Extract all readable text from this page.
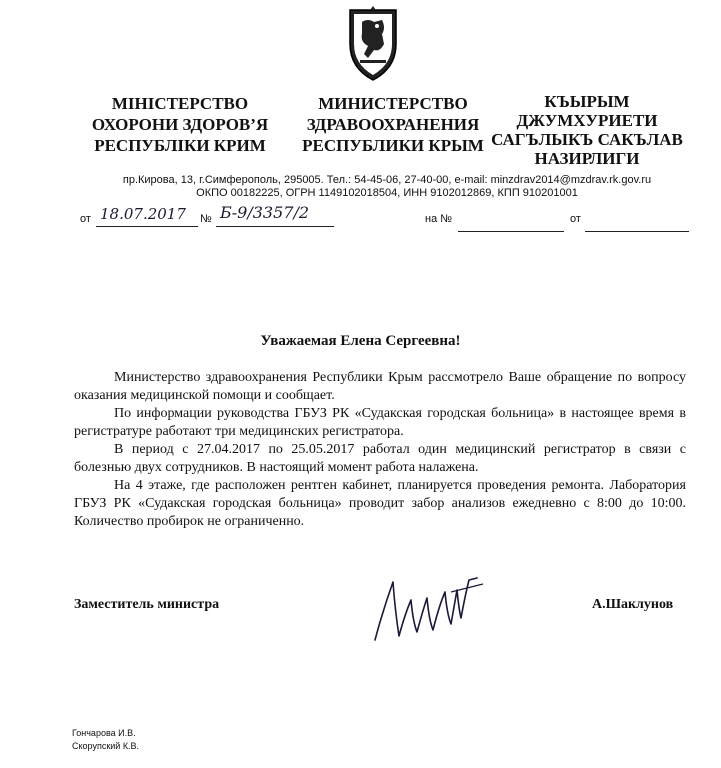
МІНІСТЕРСТВО
ОХОРОНИ ЗДОРОВ’Я
РЕСПУБЛІКИ КРИМ
МИНИСТЕРСТВО
ЗДРАВООХРАНЕНИЯ
РЕСПУБЛИКИ КРЫМ
КЪЫРЫМ
ДЖУМХУРИЕТИ
САГЪЛЫКЪ САКЪЛАВ
НАЗИРЛИГИ
пр.Кирова, 13, г.Симферополь, 295005. Тел.: 54-45-06, 27-40-00, e-mail: minzdrav2014@mzdrav.rk.gov.ru
ОКПО 00182225, ОГРН 1149102018504, ИНН 9102012869, КПП 910201001
от 18.07.2017 № Б-9/3357/2	на №	от
Уважаемая Елена Сергеевна!

Министерство здравоохранения Республики Крым рассмотрело Ваше обращение по вопросу оказания медицинской помощи и сообщает.

По информации руководства ГБУЗ РК «Судакская городская больница» в настоящее время в регистратуре работают три медицинских регистратора.

В период с 27.04.2017 по 25.05.2017 работал один медицинский регистратор в связи с болезнью двух сотрудников. В настоящий момент работа налажена.

На 4 этаже, где расположен рентген кабинет, планируется проведения ремонта. Лаборатория ГБУЗ РК «Судакская городская больница» проводит забор анализов ежедневно с 8:00 до 10:00. Количество пробирок не ограниченно.

Заместитель министра	А.Шаклунов
Гончарова И.В.
Скорупский К.В.
